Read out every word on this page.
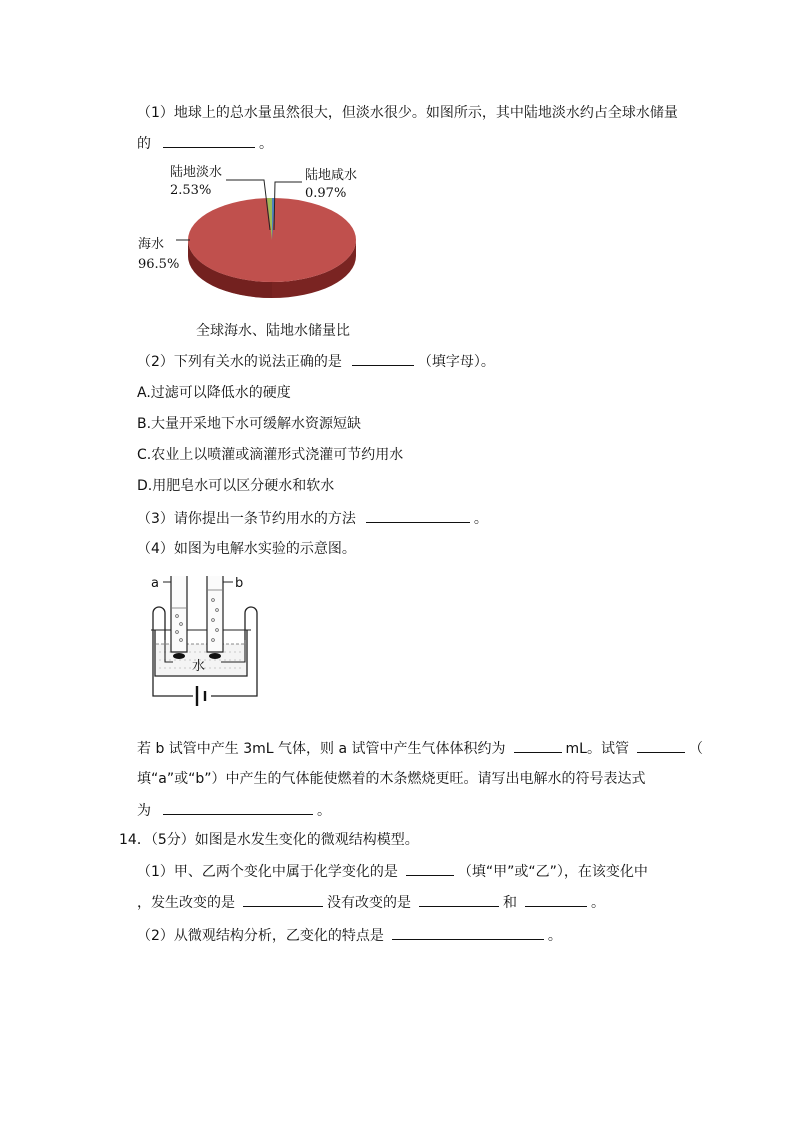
（1）地球上的总水量虽然很大，但淡水很少。如图所示，其中陆地淡水约占全球水储量
的	。
陆地淡水
2.53%
陆地咸水
0.97%
海水
96.5%
全球海水、陆地水储量比
（2）下列有关水的说法正确的是	（填字母）。
A.过滤可以降低水的硬度
B.大量开采地下水可缓解水资源短缺
C.农业上以喷灌或滴灌形式浇灌可节约用水
D.用肥皂水可以区分硬水和软水
（3）请你提出一条节约用水的方法	。
（4）如图为电解水实验的示意图。
a	b
水
若 b 试管中产生 3mL 气体，则 a 试管中产生气体体积约为	mL。试管	（
填“a”或“b”）中产生的气体能使燃着的木条燃烧更旺。请写出电解水的符号表达式
为	。
14．（5分）如图是水发生变化的微观结构模型。
（1）甲、乙两个变化中属于化学变化的是	（填“甲”或“乙”），在该变化中
，发生改变的是	没有改变的是	和	。
（2）从微观结构分析，乙变化的特点是	。
